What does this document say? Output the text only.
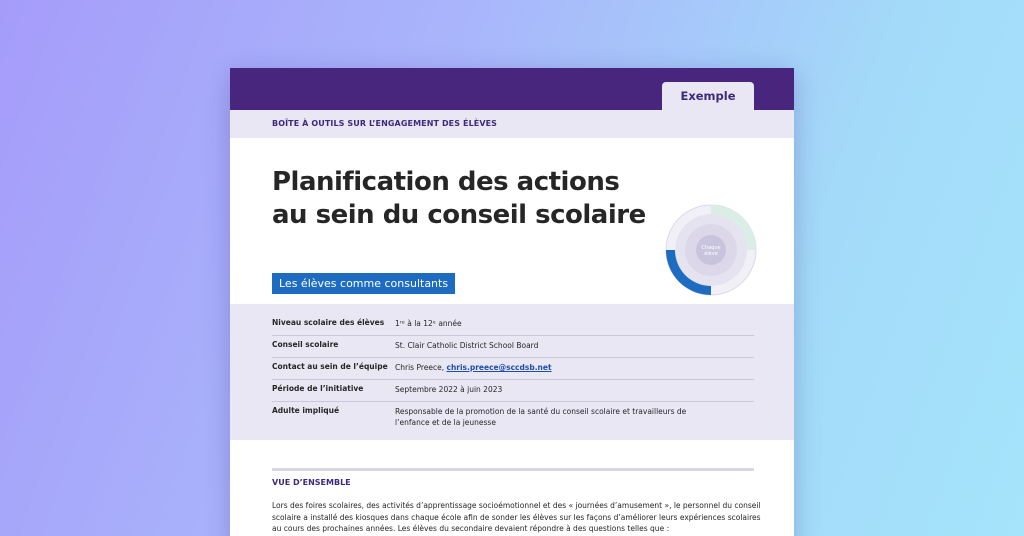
Exemple
BOÎTE À OUTILS SUR L’ENGAGEMENT DES ÉLÈVES
Planification des actions au sein du conseil scolaire
Les élèves comme consultants
Chaque
élève
Niveau scolaire des élèves 1ʳᵉ à la 12ᵉ année
Conseil scolaire	St. Clair Catholic District School Board
Contact au sein de l’équipe Chris Preece, chris.preece@sccdsb.net
Période de l’initiative	Septembre 2022 à juin 2023
Adulte impliqué	Responsable de la promotion de la santé du conseil scolaire et travailleurs de l’enfance et de la jeunesse
VUE D’ENSEMBLE
Lors des foires scolaires, des activités d’apprentissage socioémotionnel et des « journées d’amusement », le personnel du conseil scolaire a installé des kiosques dans chaque école afin de sonder les élèves sur les façons d’améliorer leurs expériences scolaires au cours des prochaines années. Les élèves du secondaire devaient répondre à des questions telles que :
